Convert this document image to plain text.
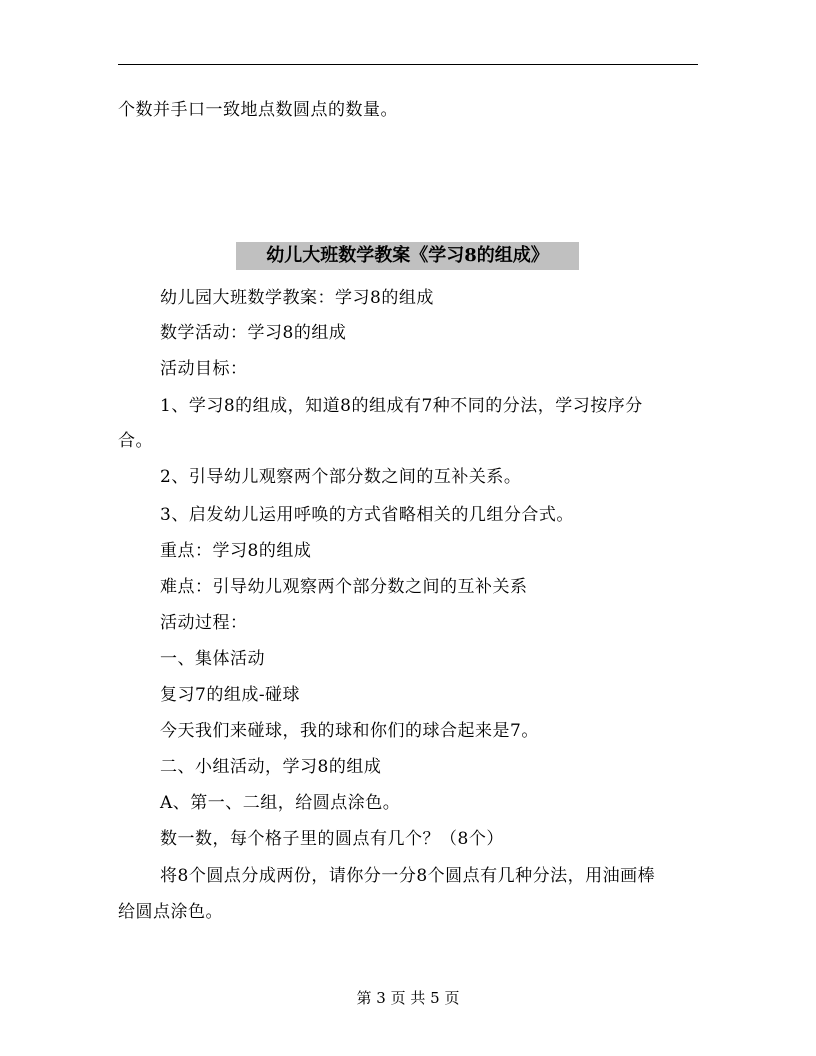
个数并手口一致地点数圆点的数量。
幼儿大班数学教案《学习8的组成》
幼儿园大班数学教案：学习8的组成
数学活动：学习8的组成
活动目标：
1、学习8的组成，知道8的组成有7种不同的分法，学习按序分
合。
2、引导幼儿观察两个部分数之间的互补关系。
3、启发幼儿运用呼唤的方式省略相关的几组分合式。
重点：学习8的组成
难点：引导幼儿观察两个部分数之间的互补关系
活动过程：
一、集体活动
复习7的组成-碰球
今天我们来碰球，我的球和你们的球合起来是7。
二、小组活动，学习8的组成
A、第一、二组，给圆点涂色。
数一数，每个格子里的圆点有几个？（8个）
将8个圆点分成两份，请你分一分8个圆点有几种分法，用油画棒
给圆点涂色。
第 3 页 共 5 页
